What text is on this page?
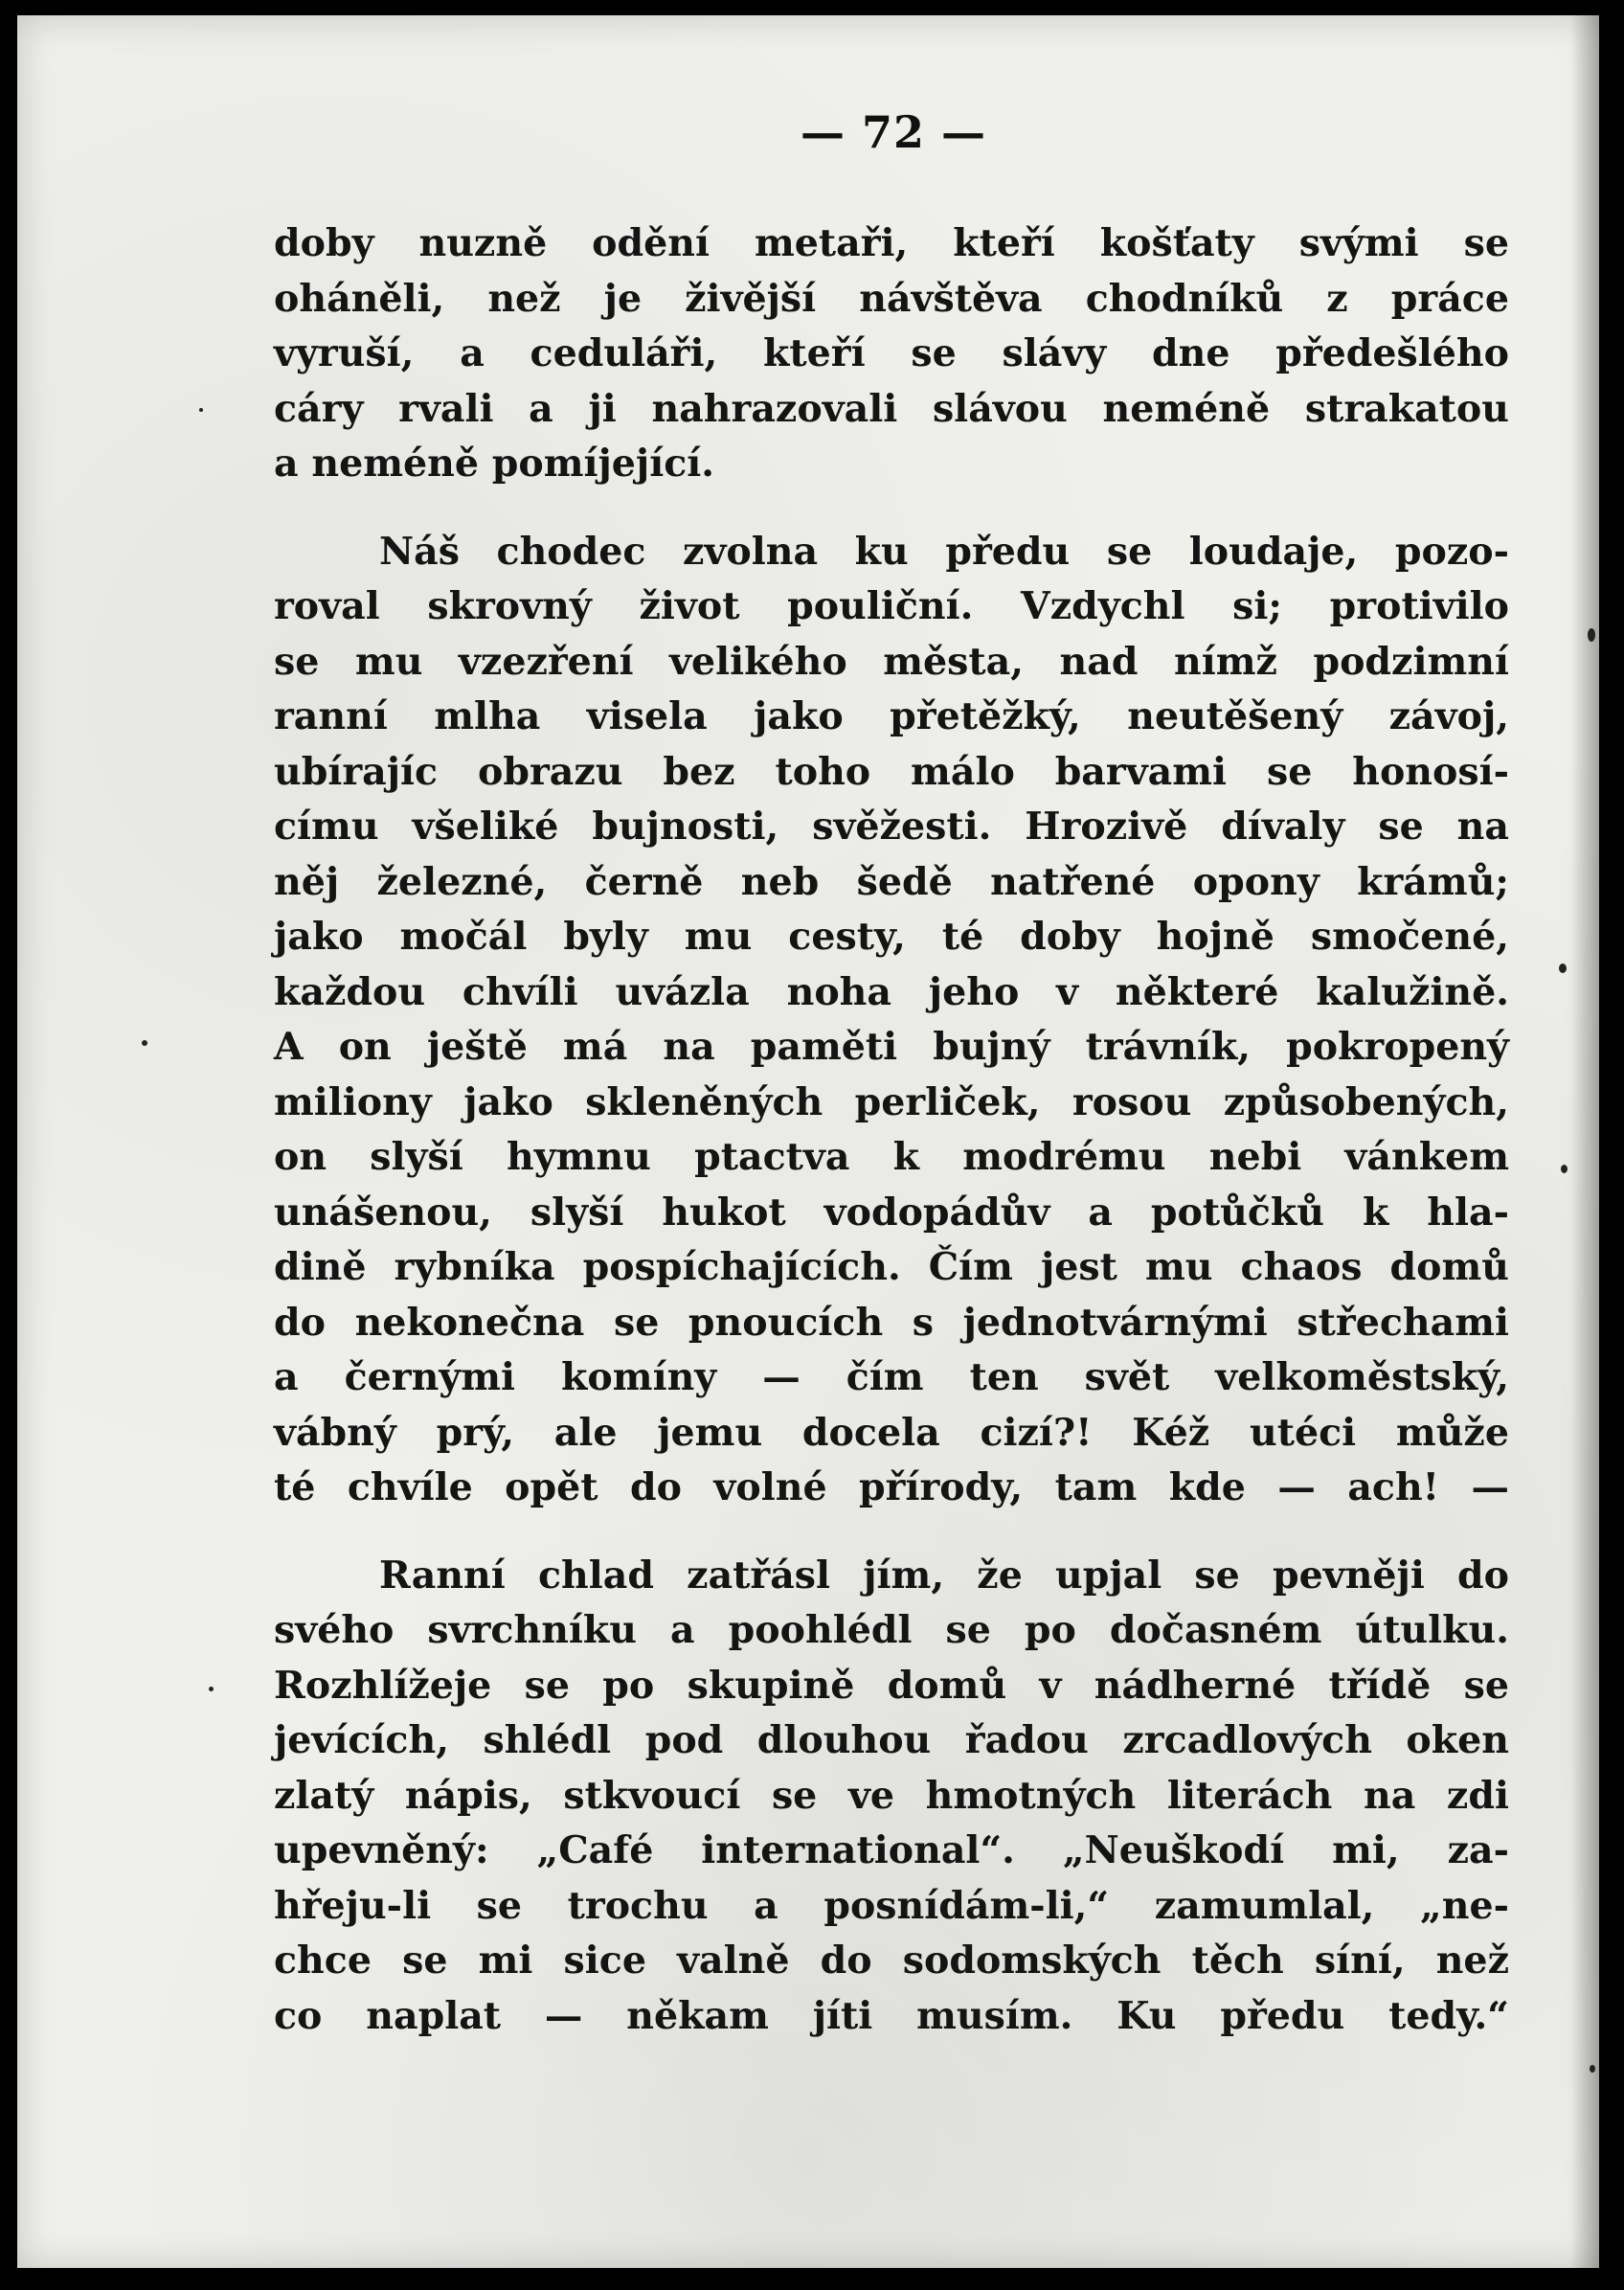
— 72 —

doby nuzně odění metaři, kteří košťaty svými se
oháněli, než je živější návštěva chodníků z práce
vyruší, a ceduláři, kteří se slávy dne předešlého
cáry rvali a ji nahrazovali slávou neméně strakatou
a neméně pomíjející.

Náš chodec zvolna ku předu se loudaje, pozo-
roval skrovný život pouliční. Vzdychl si; protivilo
se mu vzezření velikého města, nad nímž podzimní
ranní mlha visela jako přetěžký, neutěšený závoj,
ubírajíc obrazu bez toho málo barvami se honosí-
címu všeliké bujnosti, svěžesti. Hrozivě dívaly se na
něj železné, černě neb šedě natřené opony krámů;
jako močál byly mu cesty, té doby hojně smočené,
každou chvíli uvázla noha jeho v některé kalužině.
A on ještě má na paměti bujný trávník, pokropený
miliony jako skleněných perliček, rosou způsobených,
on slyší hymnu ptactva k modrému nebi vánkem
unášenou, slyší hukot vodopádův a potůčků k hla-
dině rybníka pospíchajících. Čím jest mu chaos domů
do nekonečna se pnoucích s jednotvárnými střechami
a černými komíny — čím ten svět velkoměstský,
vábný prý, ale jemu docela cizí?! Kéž utéci může
té chvíle opět do volné přírody, tam kde — ach! —

Ranní chlad zatřásl jím, že upjal se pevněji do
svého svrchníku a poohlédl se po dočasném útulku.
Rozhlížeje se po skupině domů v nádherné třídě se
jevících, shlédl pod dlouhou řadou zrcadlových oken
zlatý nápis, stkvoucí se ve hmotných literách na zdi
upevněný: „Café international“. „Neuškodí mi, za-
hřeju-li se trochu a posnídám-li,“ zamumlal, „ne-
chce se mi sice valně do sodomských těch síní, než
co naplat — někam jíti musím. Ku předu tedy.“
